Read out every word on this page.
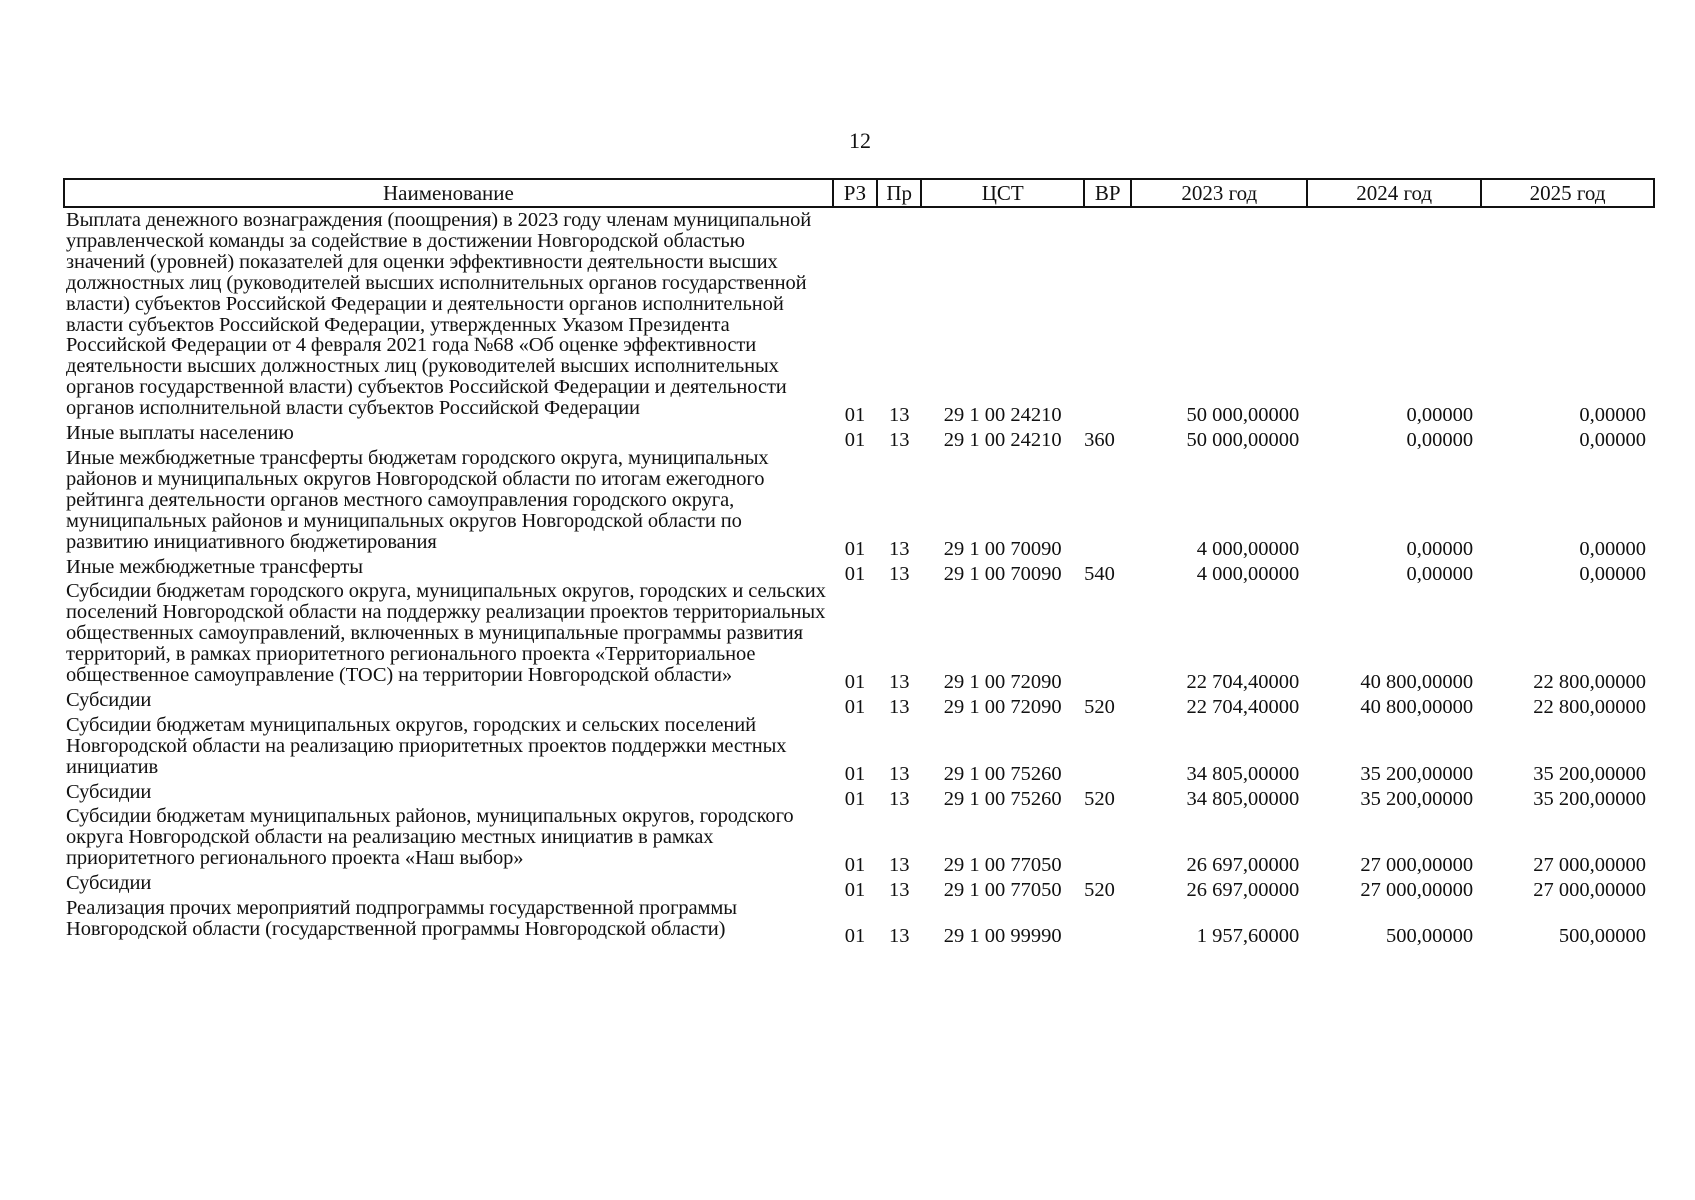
12
Наименование	РЗ	Пр	ЦСТ	ВР	2023 год	2024 год	2025 год
Выплата денежного вознаграждения (поощрения) в 2023 году членам муниципальной управленческой команды за содействие в достижении Новгородской областью значений (уровней) показателей для оценки эффективности деятельности высших должностных лиц (руководителей высших исполнительных органов государственной власти) субъектов Российской Федерации и деятельности органов исполнительной власти субъектов Российской Федерации, утвержденных Указом Президента Российской Федерации от 4 февраля 2021 года №68 «Об оценке эффективности деятельности высших должностных лиц (руководителей высших исполнительных органов государственной власти) субъектов Российской Федерации и деятельности органов исполнительной власти субъектов Российской Федерации	01	13	29 1 00 24210		50 000,00000	0,00000	0,00000
Иные выплаты населению	01	13	29 1 00 24210	360	50 000,00000	0,00000	0,00000
Иные межбюджетные трансферты бюджетам городского округа, муниципальных районов и муниципальных округов Новгородской области по итогам ежегодного рейтинга деятельности органов местного самоуправления городского округа, муниципальных районов и муниципальных округов Новгородской области по развитию инициативного бюджетирования	01	13	29 1 00 70090		4 000,00000	0,00000	0,00000
Иные межбюджетные трансферты	01	13	29 1 00 70090	540	4 000,00000	0,00000	0,00000
Субсидии бюджетам городского округа, муниципальных округов, городских и сельских поселений Новгородской области на поддержку реализации проектов территориальных общественных самоуправлений, включенных в муниципальные программы развития территорий, в рамках приоритетного регионального проекта «Территориальное общественное самоуправление (ТОС) на территории Новгородской области»	01	13	29 1 00 72090		22 704,40000	40 800,00000	22 800,00000
Субсидии	01	13	29 1 00 72090	520	22 704,40000	40 800,00000	22 800,00000
Субсидии бюджетам муниципальных округов, городских и сельских поселений Новгородской области на реализацию приоритетных проектов поддержки местных инициатив	01	13	29 1 00 75260		34 805,00000	35 200,00000	35 200,00000
Субсидии	01	13	29 1 00 75260	520	34 805,00000	35 200,00000	35 200,00000
Субсидии бюджетам муниципальных районов, муниципальных округов, городского округа Новгородской области на реализацию местных инициатив в рамках приоритетного регионального проекта «Наш выбор»	01	13	29 1 00 77050		26 697,00000	27 000,00000	27 000,00000
Субсидии	01	13	29 1 00 77050	520	26 697,00000	27 000,00000	27 000,00000
Реализация прочих мероприятий подпрограммы государственной программы Новгородской области (государственной программы Новгородской области)	01	13	29 1 00 99990		1 957,60000	500,00000	500,00000
